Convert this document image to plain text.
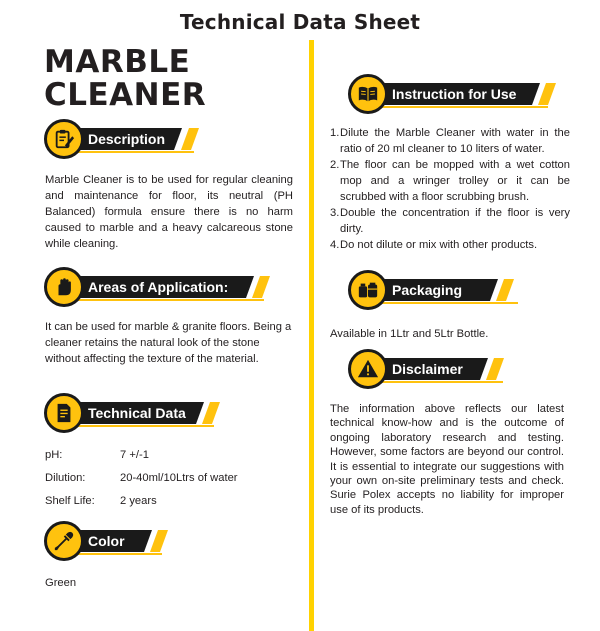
Technical Data Sheet
MARBLE
CLEANER
Description
Marble Cleaner is to be used for regular cleaning and maintenance for floor, its neutral (PH Balanced) formula ensure there is no harm caused to marble and a heavy calcareous stone while cleaning.
Areas of Application:
It can be used for marble & granite floors. Being a cleaner retains the natural look of the stone without affecting the texture of the material.
Technical Data
pH:	7 +/-1
Dilution:	20-40ml/10Ltrs of water
Shelf Life: 2 years
Color
Green
Instruction for Use
1. Dilute the Marble Cleaner with water in the ratio of 20 ml cleaner to 10 liters of water.
2. The floor can be mopped with a wet cotton mop and a wringer trolley or it can be scrubbed with a floor scrubbing brush.
3. Double the concentration if the floor is very dirty.
4. Do not dilute or mix with other products.
Packaging
Available in 1Ltr and 5Ltr Bottle.
Disclaimer
The information above reflects our latest technical know-how and is the outcome of ongoing laboratory research and testing. However, some factors are beyond our control. It is essential to integrate our suggestions with your own on-site preliminary tests and check. Surie Polex accepts no liability for improper use of its products.
